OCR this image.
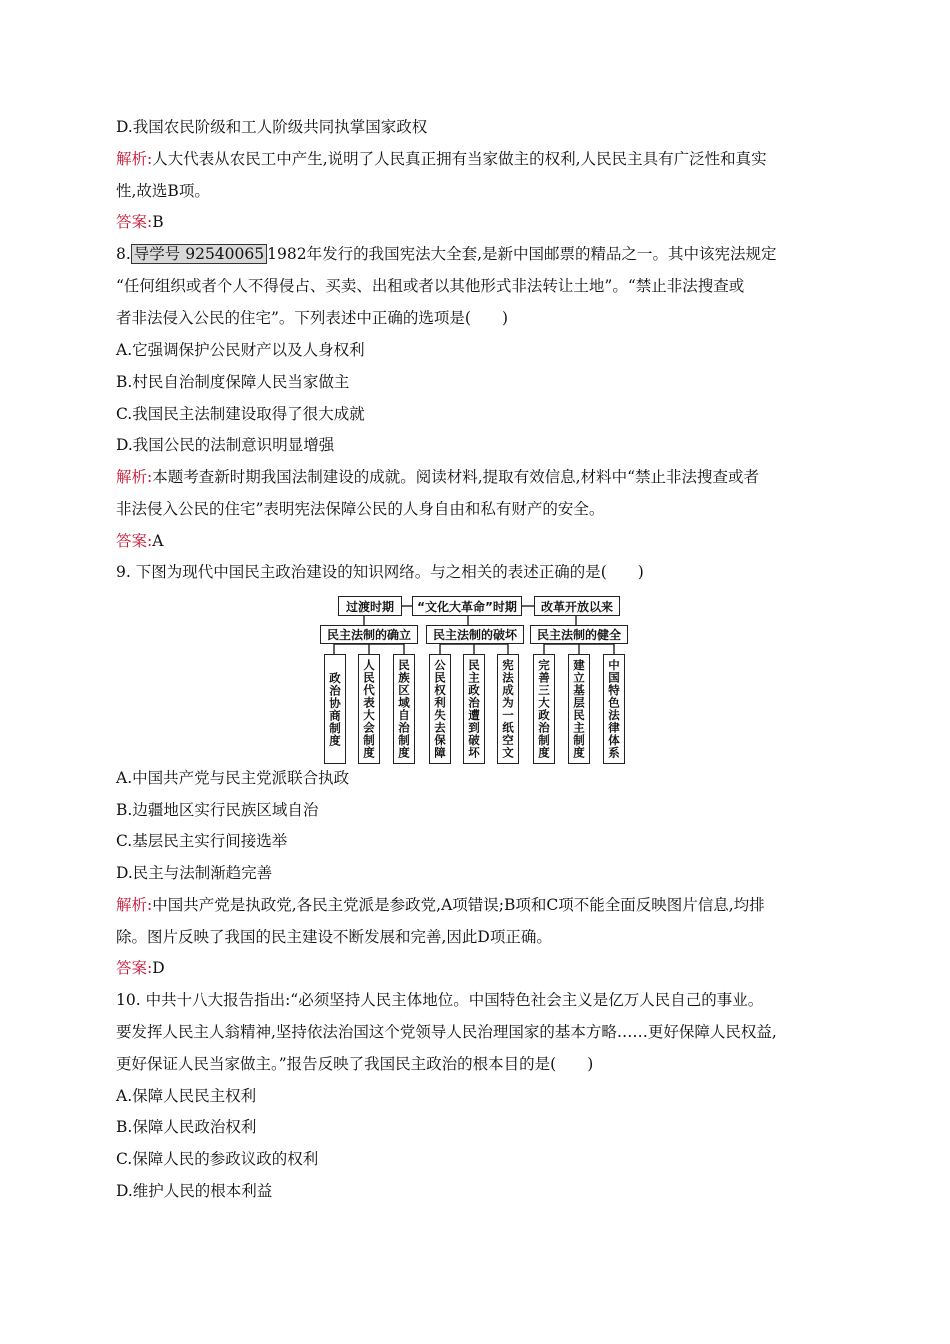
D.我国农民阶级和工人阶级共同执掌国家政权
解析:人大代表从农民工中产生,说明了人民真正拥有当家做主的权利,人民民主具有广泛性和真实
性,故选B项。
答案:B
8. 导学号 92540065 1982年发行的我国宪法大全套,是新中国邮票的精品之一。其中该宪法规定
“任何组织或者个人不得侵占、买卖、出租或者以其他形式非法转让土地”。“禁止非法搜查或
者非法侵入公民的住宅”。下列表述中正确的选项是(　　)
A.它强调保护公民财产以及人身权利
B.村民自治制度保障人民当家做主
C.我国民主法制建设取得了很大成就
D.我国公民的法制意识明显增强
解析:本题考查新时期我国法制建设的成就。阅读材料,提取有效信息,材料中“禁止非法搜查或者
非法侵入公民的住宅”表明宪法保障公民的人身自由和私有财产的安全。
答案:A
9. 下图为现代中国民主政治建设的知识网络。与之相关的表述正确的是(　　)
过渡时期	“文化大革命”时期	改革开放以来
民主法制的确立	民主法制的破坏	民主法制的健全
政治协商制度	人民代表大会制度	民族区域自治制度	公民权利失去保障	民主政治遭到破坏	宪法成为一纸空文	完善三大政治制度	建立基层民主制度	中国特色法律体系
A.中国共产党与民主党派联合执政
B.边疆地区实行民族区域自治
C.基层民主实行间接选举
D.民主与法制渐趋完善
解析:中国共产党是执政党,各民主党派是参政党,A项错误;B项和C项不能全面反映图片信息,均排
除。图片反映了我国的民主建设不断发展和完善,因此D项正确。
答案:D
10. 中共十八大报告指出:“必须坚持人民主体地位。中国特色社会主义是亿万人民自己的事业。
要发挥人民主人翁精神,坚持依法治国这个党领导人民治理国家的基本方略……更好保障人民权益,
更好保证人民当家做主。”报告反映了我国民主政治的根本目的是(　　)
A.保障人民民主权利
B.保障人民政治权利
C.保障人民的参政议政的权利
D.维护人民的根本利益
